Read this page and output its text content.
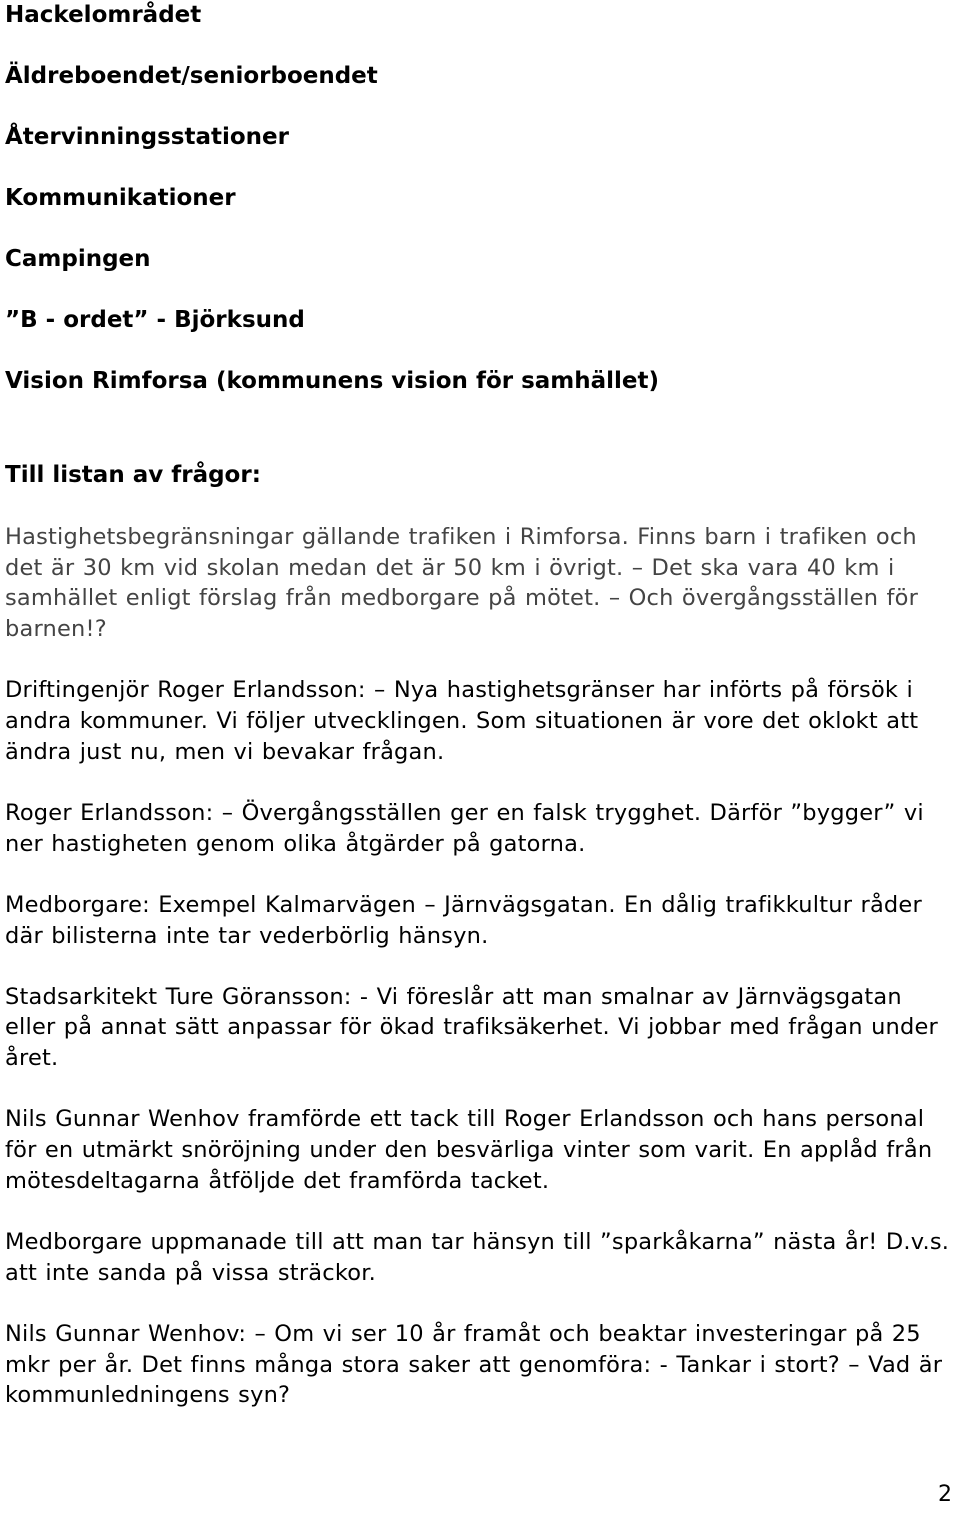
Hackelområdet
Äldreboendet/seniorboendet
Återvinningsstationer
Kommunikationer
Campingen
”B - ordet” - Björksund
Vision Rimforsa (kommunens vision för samhället)
Till listan av frågor:

Hastighetsbegränsningar gällande trafiken i Rimforsa. Finns barn i trafiken och det är 30 km vid skolan medan det är 50 km i övrigt. – Det ska vara 40 km i samhället enligt förslag från medborgare på mötet. – Och övergångsställen för barnen!?

Driftingenjör Roger Erlandsson: – Nya hastighetsgränser har införts på försök i andra kommuner. Vi följer utvecklingen. Som situationen är vore det oklokt att ändra just nu, men vi bevakar frågan.

Roger Erlandsson: – Övergångsställen ger en falsk trygghet. Därför ”bygger” vi ner hastigheten genom olika åtgärder på gatorna.

Medborgare: Exempel Kalmarvägen – Järnvägsgatan. En dålig trafikkultur råder där bilisterna inte tar vederbörlig hänsyn.

Stadsarkitekt Ture Göransson: - Vi föreslår att man smalnar av Järnvägsgatan eller på annat sätt anpassar för ökad trafiksäkerhet. Vi jobbar med frågan under året.

Nils Gunnar Wenhov framförde ett tack till Roger Erlandsson och hans personal för en utmärkt snöröjning under den besvärliga vinter som varit. En applåd från mötesdeltagarna åtföljde det framförda tacket.

Medborgare uppmanade till att man tar hänsyn till ”sparkåkarna” nästa år! D.v.s. att inte sanda på vissa sträckor.

Nils Gunnar Wenhov: – Om vi ser 10 år framåt och beaktar investeringar på 25 mkr per år. Det finns många stora saker att genomföra: - Tankar i stort? – Vad är kommunledningens syn?

2
